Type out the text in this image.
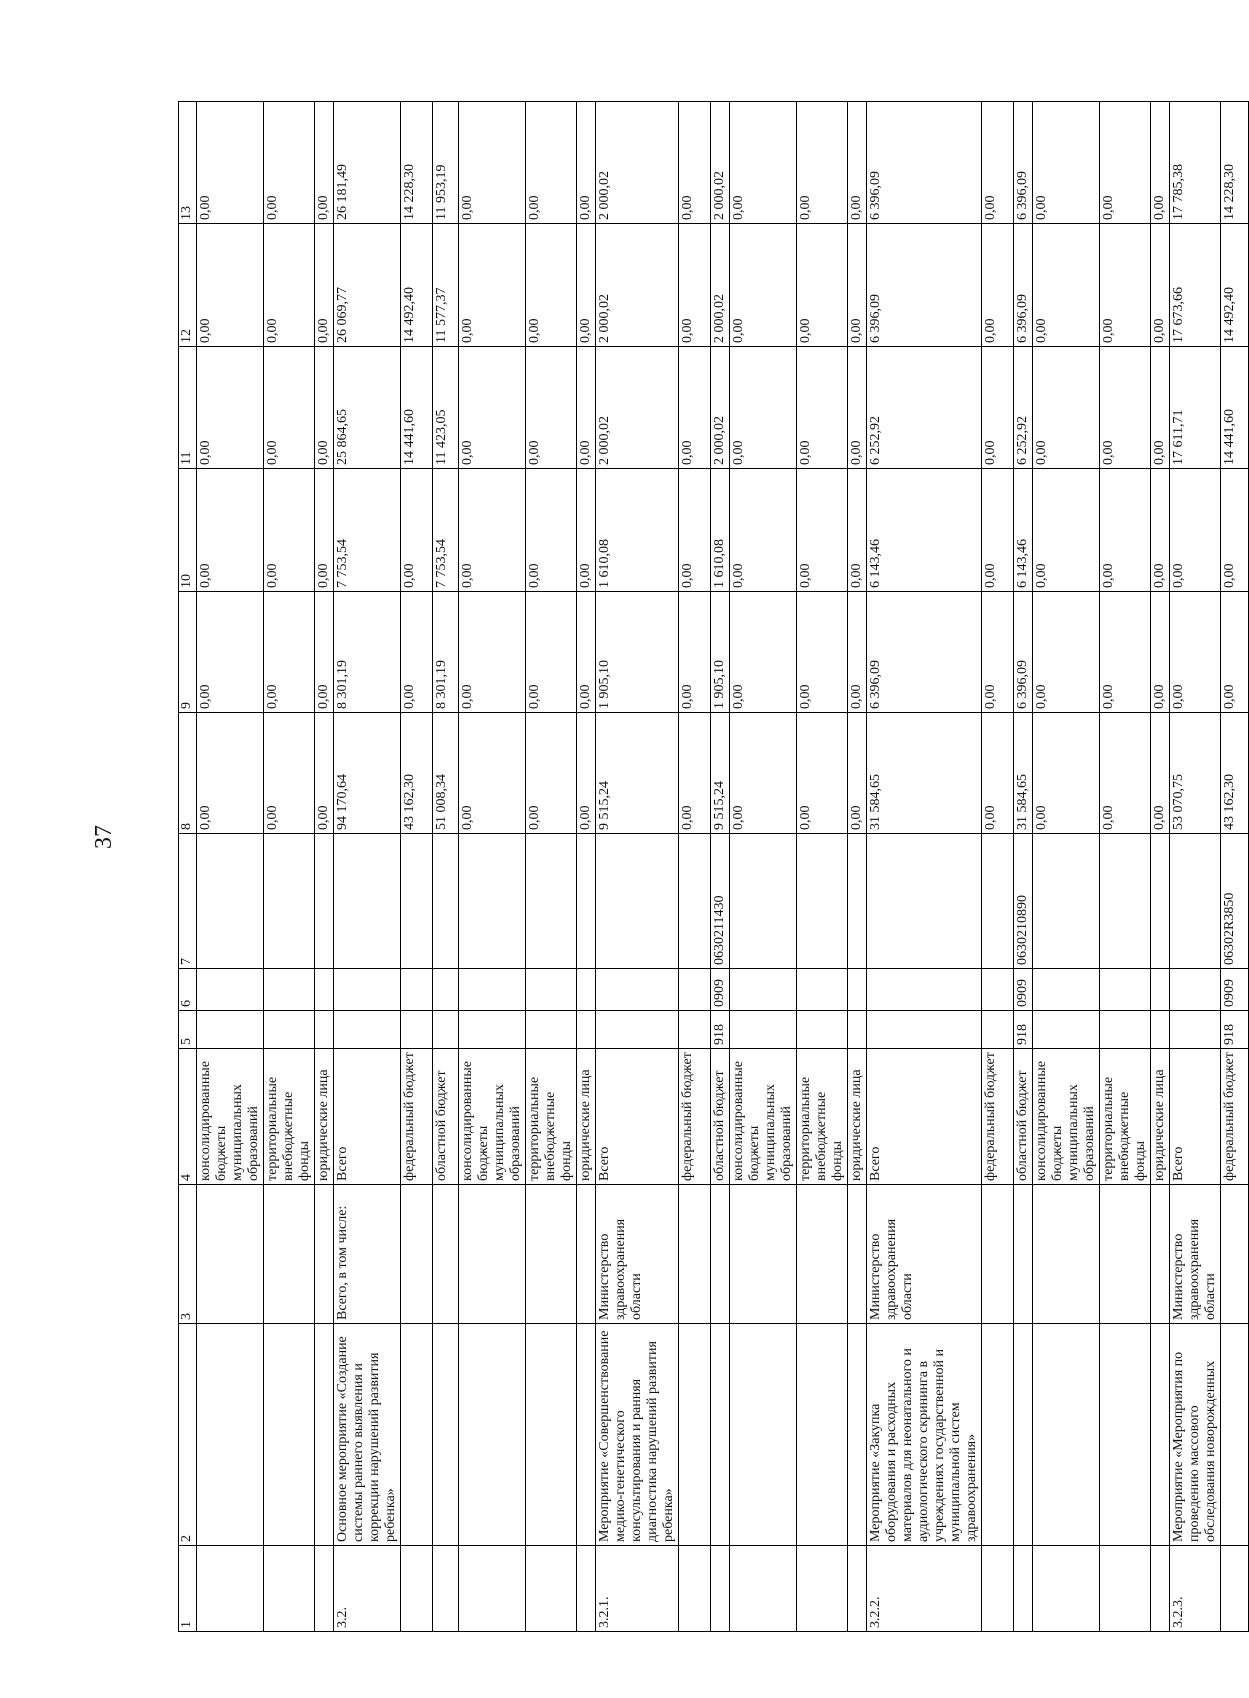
37
1	2	3	4	5	6	7	8	9	10	11	12	13
			консолидированные бюджеты муниципальных образований				0,00	0,00	0,00	0,00	0,00	0,00
			территориальные внебюджетные фонды				0,00	0,00	0,00	0,00	0,00	0,00
			юридические лица				0,00	0,00	0,00	0,00	0,00	0,00
3.2.	Основное мероприятие «Создание системы раннего выявления и коррекции нарушений развития ребенка»	Всего, в том числе:	Всего				94 170,64	8 301,19	7 753,54	25 864,65	26 069,77	26 181,49
			федеральный бюджет				43 162,30	0,00	0,00	14 441,60	14 492,40	14 228,30
			областной бюджет				51 008,34	8 301,19	7 753,54	11 423,05	11 577,37	11 953,19
			консолидированные бюджеты муниципальных образований				0,00	0,00	0,00	0,00	0,00	0,00
			территориальные внебюджетные фонды				0,00	0,00	0,00	0,00	0,00	0,00
			юридические лица				0,00	0,00	0,00	0,00	0,00	0,00
3.2.1.	Мероприятие «Совершенствование медико-генетического консультирования и ранняя диагностика нарушений развития ребенка»	Министерство здравоохранения области	Всего				9 515,24	1 905,10	1 610,08	2 000,02	2 000,02	2 000,02
			федеральный бюджет				0,00	0,00	0,00	0,00	0,00	0,00
			областной бюджет	918	0909	0630211430	9 515,24	1 905,10	1 610,08	2 000,02	2 000,02	2 000,02
			консолидированные бюджеты муниципальных образований				0,00	0,00	0,00	0,00	0,00	0,00
			территориальные внебюджетные фонды				0,00	0,00	0,00	0,00	0,00	0,00
			юридические лица				0,00	0,00	0,00	0,00	0,00	0,00
3.2.2.	Мероприятие «Закупка оборудования и расходных материалов для неонатального и аудиологического скрининга в учреждениях государственной и муниципальной систем здравоохранения»	Министерство здравоохранения области	Всего				31 584,65	6 396,09	6 143,46	6 252,92	6 396,09	6 396,09
			федеральный бюджет				0,00	0,00	0,00	0,00	0,00	0,00
			областной бюджет	918	0909	0630210890	31 584,65	6 396,09	6 143,46	6 252,92	6 396,09	6 396,09
			консолидированные бюджеты муниципальных образований				0,00	0,00	0,00	0,00	0,00	0,00
			территориальные внебюджетные фонды				0,00	0,00	0,00	0,00	0,00	0,00
			юридические лица				0,00	0,00	0,00	0,00	0,00	0,00
3.2.3.	Мероприятие «Мероприятия по проведению массового обследования новорожденных	Министерство здравоохранения области	Всего				53 070,75	0,00	0,00	17 611,71	17 673,66	17 785,38
			федеральный бюджет	918	0909	06302R3850	43 162,30	0,00	0,00	14 441,60	14 492,40	14 228,30
